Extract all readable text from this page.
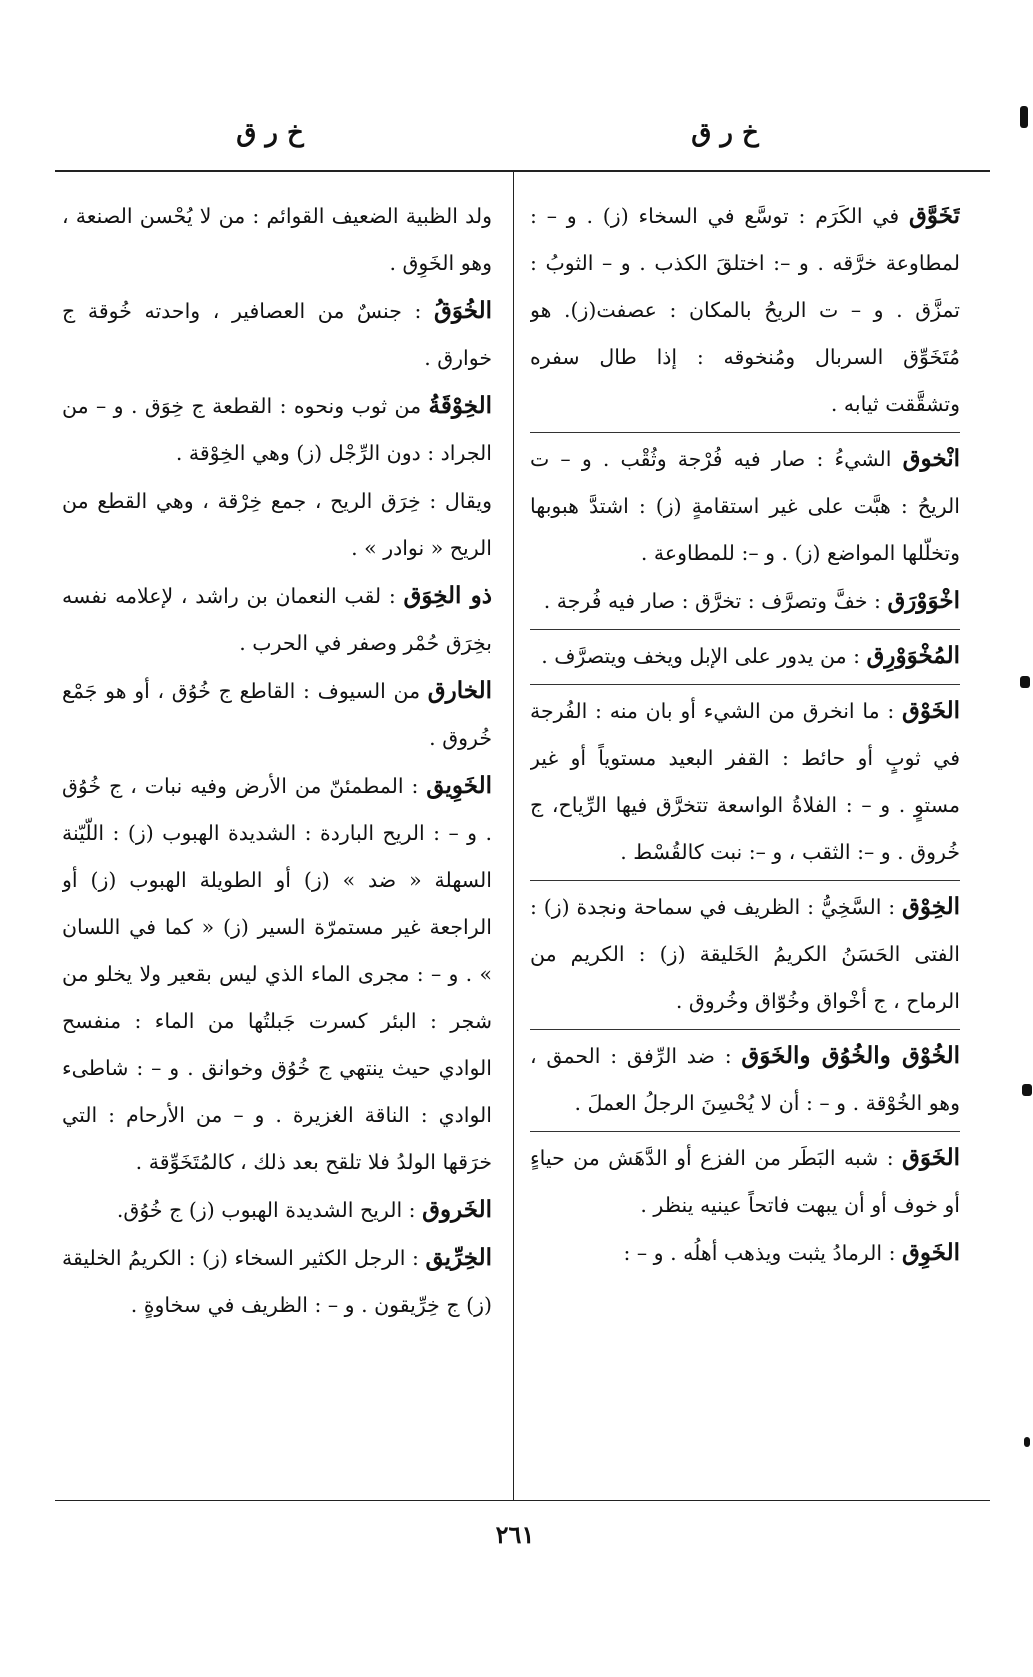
خ ر ق
خ ر ق

تَخَوَّق في الكَرَم : توسَّع في السخاء (ز) . و – : لمطاوعة خرَّقه . و –: اختلقَ الكذب . و – الثوبُ : تمزَّق . و – ت الريحُ بالمكان : عصفت(ز). هو مُتَخَوِّق السربال ومُنخوقه : إذا طال سفره وتشقَّقت ثيابه .

انْخوق الشيءُ : صار فيه فُرْجة وثُقْب . و – ت الريحُ : هبَّت على غير استقامةٍ (ز) : اشتدَّ هبوبها وتخلّلها المواضع (ز) . و –: للمطاوعة .

اخْوَوْرَق : خفَّ وتصرَّف : تخرَّق : صار فيه فُرجة .

المُخْوَوْرِق : من يدور على الإبل ويخف ويتصرَّف .

الخَوْق : ما انخرق من الشيء أو بان منه : الفُرجة في ثوبٍ أو حائط : القفر البعيد مستوياً أو غير مستوٍ . و – : الفلاةُ الواسعة تتخرَّق فيها الرِّياح، ج خُروق . و –: الثقب ، و –: نبت كالقُسْط .

الخِوْق : السَّخِيُّ : الظريف في سماحة ونجدة (ز) : الفتى الحَسَنُ الكريمُ الخَليقة (ز) : الكريم من الرماح ، ج أخْواق وخُوّاق وخُروق .

الخُوْق والخُوُق والخَوَق : ضد الرِّفق : الحمق ، وهو الخُوْقة . و – : أن لا يُحْسِنَ الرجلُ العملَ .

الخَوَق : شبه البَطَر من الفزع أو الدَّهَش من حياءٍ أو خوف أو أن يبهت فاتحاً عينيه ينظر .

الخَوِق : الرمادُ يثبت ويذهب أهلُه . و – :

ولد الظبية الضعيف القوائم : من لا يُحْسن الصنعة ، وهو الخَوِق .

الخُوَقُ : جنسٌ من العصافير ، واحدته خُوقة ج خوارق .

الخِوْقَةُ من ثوب ونحوه : القطعة ج خِوَق . و – من الجراد : دون الرِّجْل (ز) وهي الخِوْقة .

ويقال : خِرَق الريح ، جمع خِرْقة ، وهي القطع من الريح « نوادر » .

ذو الخِوَق : لقب النعمان بن راشد ، لإعلامه نفسه بخِرَق حُمْر وصفر في الحرب .

الخارق من السيوف : القاطع ج خُوُق ، أو هو جَمْع خُروق .

الخَوِيق : المطمئنّ من الأرض وفيه نبات ، ج خُوُق . و – : الريح الباردة : الشديدة الهبوب (ز) : اللّيّنة السهلة « ضد » (ز) أو الطويلة الهبوب (ز) أو الراجعة غير مستمرّة السير (ز) « كما في اللسان » . و – : مجرى الماء الذي ليس بقعير ولا يخلو من شجر : البئر كسرت جَبلتُها من الماء : منفسح الوادي حيث ينتهي ج خُوُق وخوانق . و – : شاطىء الوادي : الناقة الغزيرة . و – من الأرحام : التي خرَقها الولدُ فلا تلقح بعد ذلك ، كالمُتَخَوِّقة .

الخَروق : الريح الشديدة الهبوب (ز) ج خُوُق.

الخِرِّيق : الرجل الكثير السخاء (ز) : الكريمُ الخليقة (ز) ج خِرِّيقون . و – : الظريف في سخاوةٍ .

٢٦١
